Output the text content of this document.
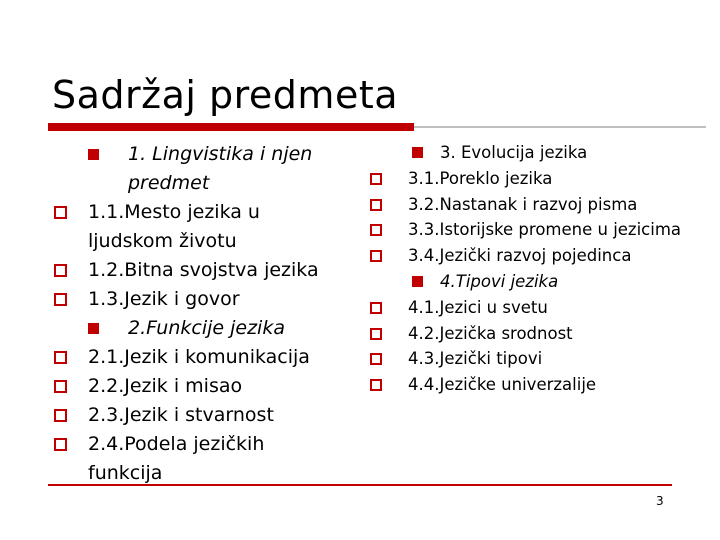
Sadržaj predmeta
1. Lingvistika i njen predmet
1.1.Mesto jezika u ljudskom životu
1.2.Bitna svojstva jezika
1.3.Jezik i govor
2.Funkcije jezika
2.1.Jezik i komunikacija
2.2.Jezik i misao
2.3.Jezik i stvarnost
2.4.Podela jezičkih funkcija
3. Evolucija jezika
3.1.Poreklo jezika
3.2.Nastanak i razvoj pisma
3.3.Istorijske promene u jezicima
3.4.Jezički razvoj pojedinca
4.Tipovi jezika
4.1.Jezici u svetu
4.2.Jezička srodnost
4.3.Jezički tipovi
4.4.Jezičke univerzalije
3
